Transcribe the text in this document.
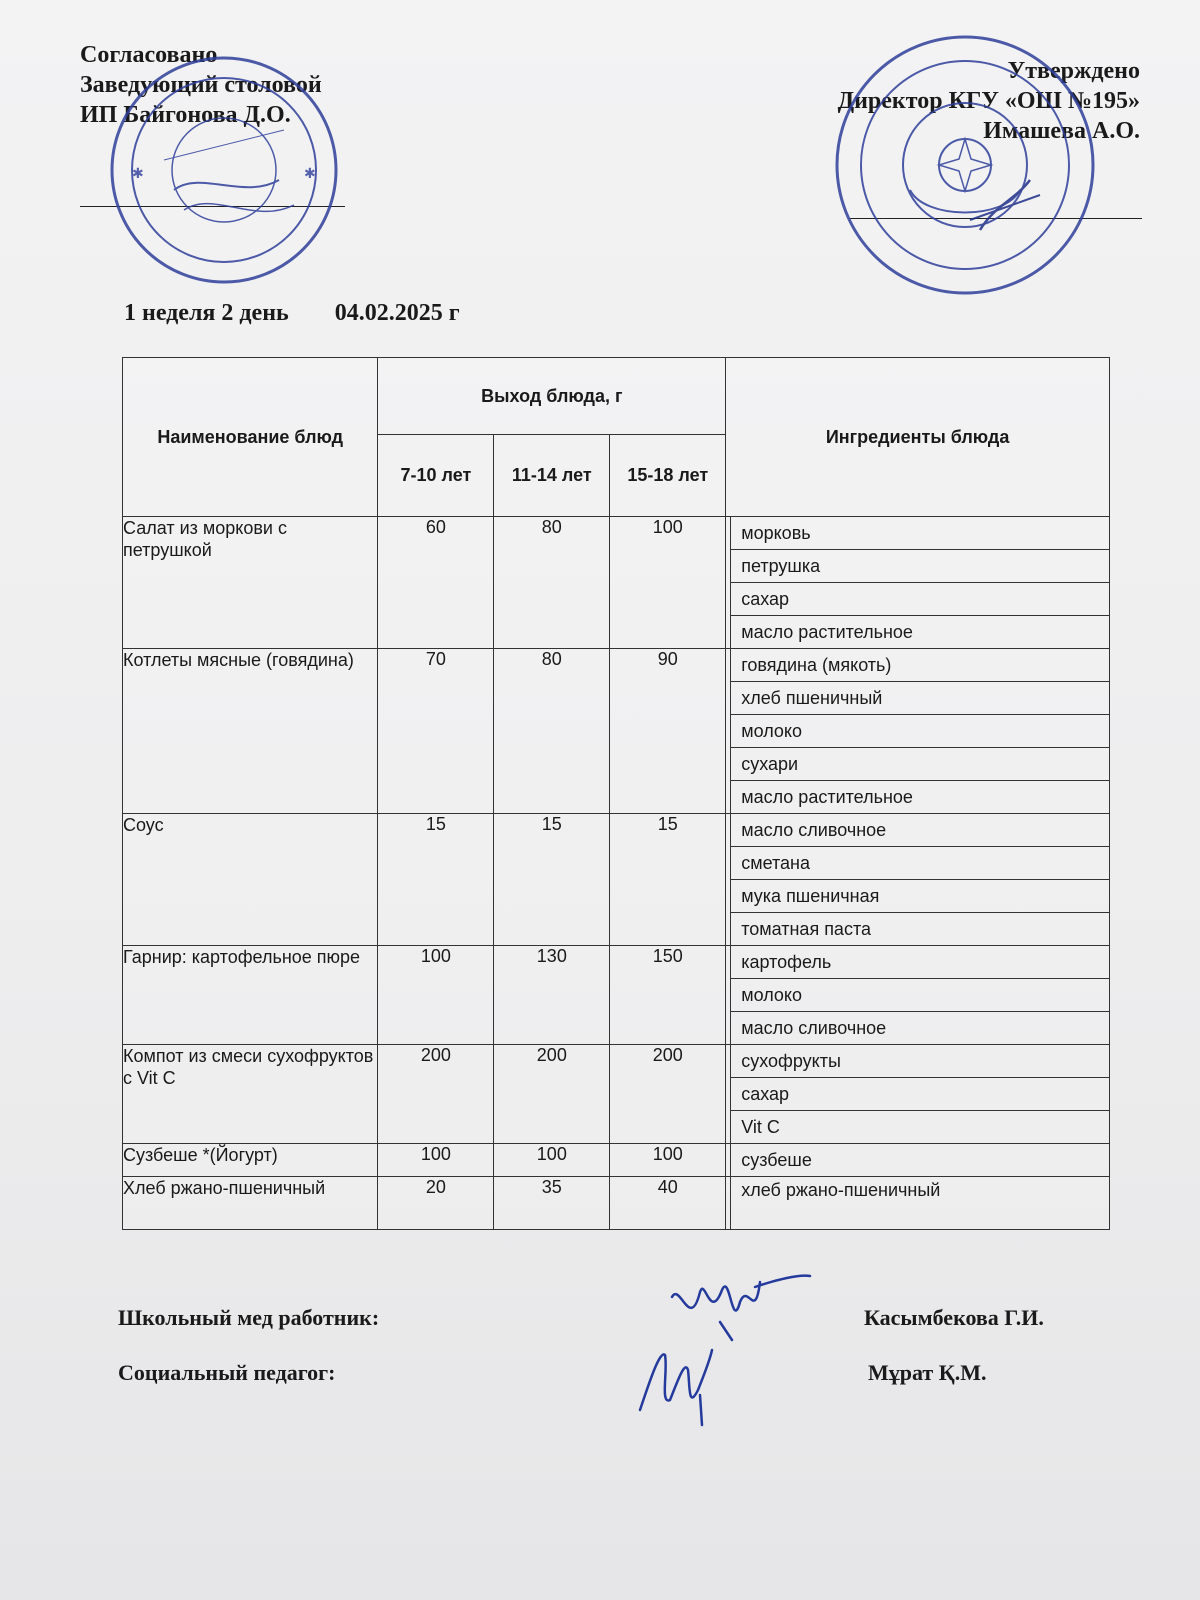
Согласовано
Заведующий столовой
ИП Байгонова Д.О.
Утверждено
Директор КГУ «ОШ №195»
Имашева А.О.
✱	✱
1 неделя 2 день 04.02.2025 г
Наименование блюд	Выход блюда, г			Ингредиенты блюда
	7-10 лет	11-14 лет	15-18 лет	
Салат из моркови с петрушкой	60	80	100	морковь
петрушка
сахар
масло растительное

Котлеты мясные (говядина)	70	80	90	говядина (мякоть)
хлеб пшеничный
молоко
сухари
масло растительное

Соус	15	15	15	масло сливочное
сметана
мука пшеничная
томатная паста

Гарнир: картофельное пюре	100	130	150	картофель
молоко
масло сливочное

Компот из смеси сухофруктов с Vit C	200	200	200	сухофрукты
сахар
Vit C

Сузбеше *(Йогурт)	100	100	100	сузбеше

Хлеб ржано-пшеничный	20	35	40	хлеб ржано-пшеничный
Школьный мед работник:	Касымбекова Г.И.
Социальный педагог:	Мұрат Қ.М.
